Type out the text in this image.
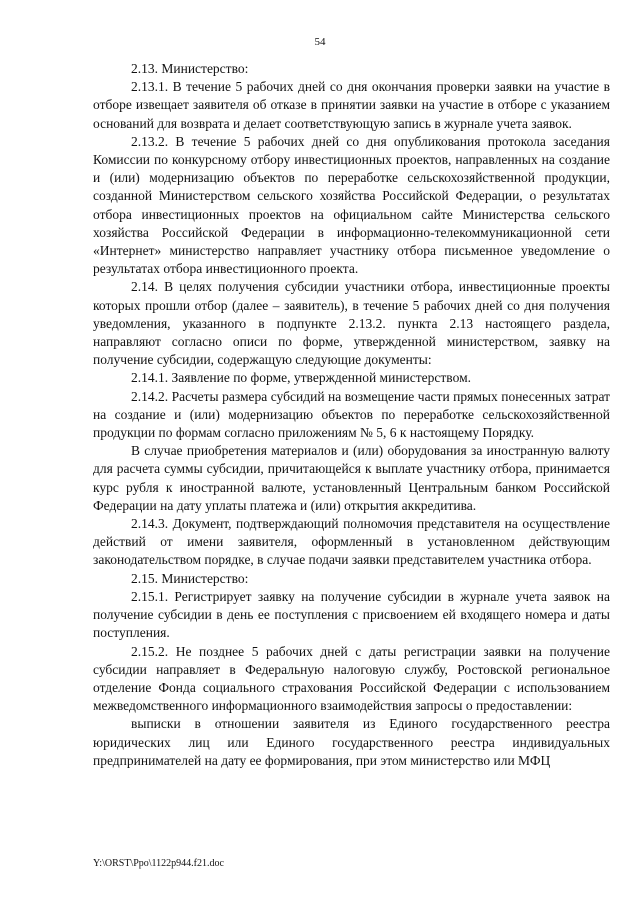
54

2.13. Министерство:

2.13.1. В течение 5 рабочих дней со дня окончания проверки заявки на участие в отборе извещает заявителя об отказе в принятии заявки на участие в отборе с указанием оснований для возврата и делает соответствующую запись в журнале учета заявок.

2.13.2. В течение 5 рабочих дней со дня опубликования протокола заседания Комиссии по конкурсному отбору инвестиционных проектов, направленных на создание и (или) модернизацию объектов по переработке сельскохозяйственной продукции, созданной Министерством сельского хозяйства Российской Федерации, о результатах отбора инвестиционных проектов на официальном сайте Министерства сельского хозяйства Российской Федерации в информационно-телекоммуникационной сети «Интернет» министерство направляет участнику отбора письменное уведомление о результатах отбора инвестиционного проекта.

2.14. В целях получения субсидии участники отбора, инвестиционные проекты которых прошли отбор (далее – заявитель), в течение 5 рабочих дней со дня получения уведомления, указанного в подпункте 2.13.2. пункта 2.13 настоящего раздела, направляют согласно описи по форме, утвержденной министерством, заявку на получение субсидии, содержащую следующие документы:

2.14.1. Заявление по форме, утвержденной министерством.

2.14.2. Расчеты размера субсидий на возмещение части прямых понесенных затрат на создание и (или) модернизацию объектов по переработке сельскохозяйственной продукции по формам согласно приложениям № 5, 6 к настоящему Порядку.

В случае приобретения материалов и (или) оборудования за иностранную валюту для расчета суммы субсидии, причитающейся к выплате участнику отбора, принимается курс рубля к иностранной валюте, установленный Центральным банком Российской Федерации на дату уплаты платежа и (или) открытия аккредитива.

2.14.3. Документ, подтверждающий полномочия представителя на осуществление действий от имени заявителя, оформленный в установленном действующим законодательством порядке, в случае подачи заявки представителем участника отбора.

2.15. Министерство:

2.15.1. Регистрирует заявку на получение субсидии в журнале учета заявок на получение субсидии в день ее поступления с присвоением ей входящего номера и даты поступления.

2.15.2. Не позднее 5 рабочих дней с даты регистрации заявки на получение субсидии направляет в Федеральную налоговую службу, Ростовской региональное отделение Фонда социального страхования Российской Федерации с использованием межведомственного информационного взаимодействия запросы о предоставлении:

выписки в отношении заявителя из Единого государственного реестра юридических лиц или Единого государственного реестра индивидуальных предпринимателей на дату ее формирования, при этом министерство или МФЦ

Y:\ORST\Ppo\1122p944.f21.doc
